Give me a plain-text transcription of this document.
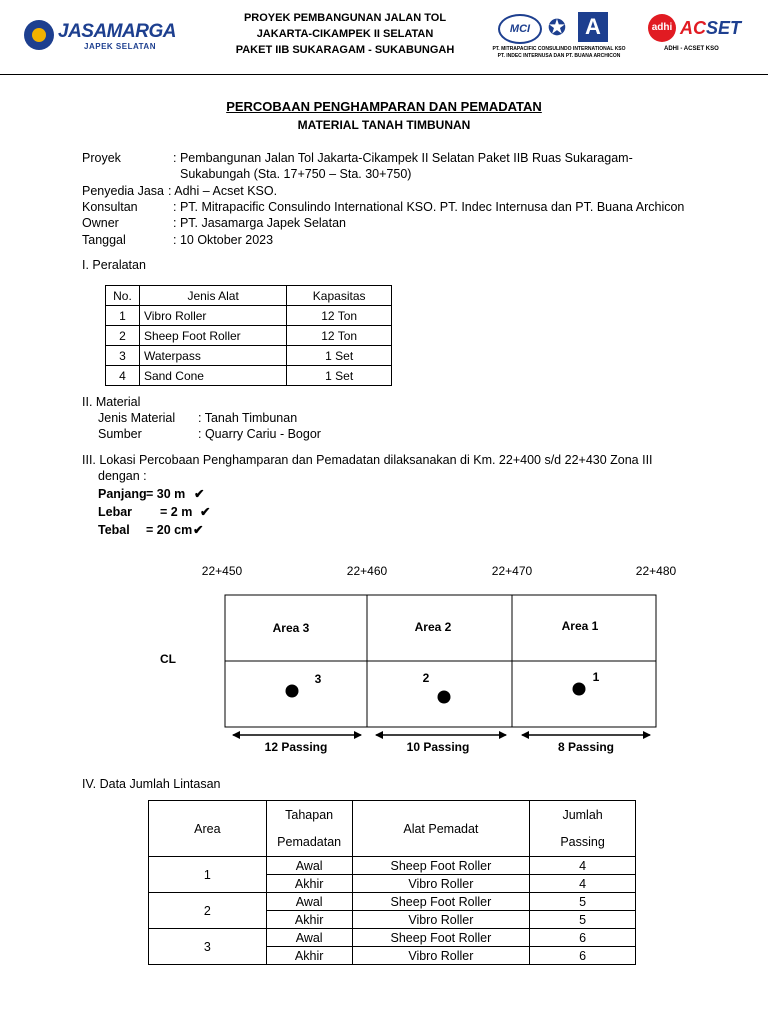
JASAMARGA
JAPEK SELATAN
PROYEK PEMBANGUNAN JALAN TOL
JAKARTA-CIKAMPEK II SELATAN
PAKET IIB SUKARAGAM - SUKABUNGAH
MCI ✪ A
PT. MITRAPACIFIC CONSULINDO INTERNATIONAL KSO
PT. INDEC INTERNUSA DAN PT. BUANA ARCHICON
adhi ACSET
ADHI - ACSET KSO
PERCOBAAN PENGHAMPARAN DAN PEMADATAN
MATERIAL TANAH TIMBUNAN
Proyek	: Pembangunan Jalan Tol Jakarta-Cikampek II Selatan Paket IIB Ruas Sukaragam-
Sukabungah (Sta. 17+750 – Sta. 30+750)
Penyedia Jasa : Adhi – Acset KSO.
Konsultan	: PT. Mitrapacific Consulindo International KSO. PT. Indec Internusa dan PT. Buana Archicon
Owner	: PT. Jasamarga Japek Selatan
Tanggal	: 10 Oktober 2023
I. Peralatan
No.	Jenis Alat	Kapasitas
1	Vibro Roller	12 Ton
2	Sheep Foot Roller	12 Ton
3	Waterpass	1 Set
4	Sand Cone	1 Set
II. Material
Jenis Material : Tanah Timbunan
Sumber	: Quarry Cariu - Bogor
III. Lokasi Percobaan Penghamparan dan Pemadatan dilaksanakan di Km. 22+400 s/d 22+430 Zona III
dengan :
Panjang = 30 m ✔
Lebar = 2 m ✔
Tebal = 20 cm ✔
22+450	22+460	22+470	22+480
Area 3	Area 2	Area 1
CL
3	2	1
12 Passing	10 Passing	8 Passing
IV. Data Jumlah Lintasan
Area	Tahapan
Pemadatan	Alat Pemadat	Jumlah
Passing
1	Awal	Sheep Foot Roller	4
	Akhir	Vibro Roller	4
2	Awal	Sheep Foot Roller	5
	Akhir	Vibro Roller	5
3	Awal	Sheep Foot Roller	6
	Akhir	Vibro Roller	6
